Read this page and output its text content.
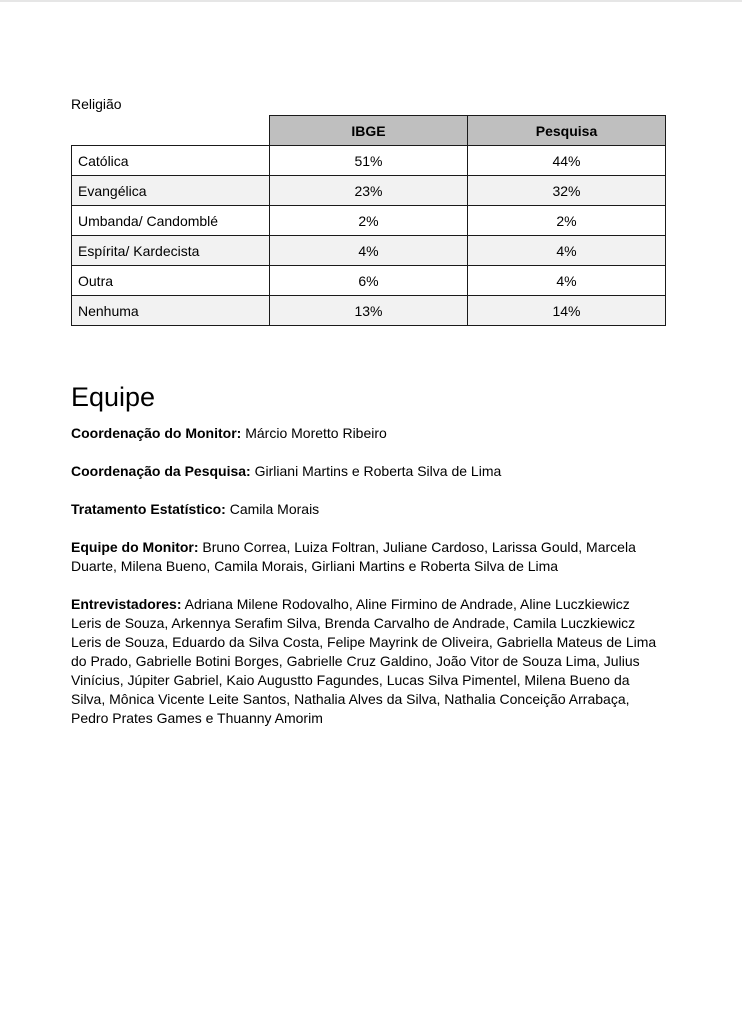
Religião
	IBGE	Pesquisa
Católica	51%	44%
Evangélica	23%	32%
Umbanda/ Candomblé	2%	2%
Espírita/ Kardecista	4%	4%
Outra	6%	4%
Nenhuma	13%	14%
Equipe

Coordenação do Monitor: Márcio Moretto Ribeiro

Coordenação da Pesquisa: Girliani Martins e Roberta Silva de Lima

Tratamento Estatístico: Camila Morais

Equipe do Monitor: Bruno Correa, Luiza Foltran, Juliane Cardoso, Larissa Gould, Marcela Duarte, Milena Bueno, Camila Morais, Girliani Martins e Roberta Silva de Lima

Entrevistadores: Adriana Milene Rodovalho, Aline Firmino de Andrade, Aline Luczkiewicz Leris de Souza, Arkennya Serafim Silva, Brenda Carvalho de Andrade, Camila Luczkiewicz Leris de Souza, Eduardo da Silva Costa, Felipe Mayrink de Oliveira, Gabriella Mateus de Lima do Prado, Gabrielle Botini Borges, Gabrielle Cruz Galdino, João Vitor de Souza Lima, Julius Vinícius, Júpiter Gabriel, Kaio Augustto Fagundes, Lucas Silva Pimentel, Milena Bueno da Silva, Mônica Vicente Leite Santos, Nathalia Alves da Silva, Nathalia Conceição Arrabaça, Pedro Prates Games e Thuanny Amorim
